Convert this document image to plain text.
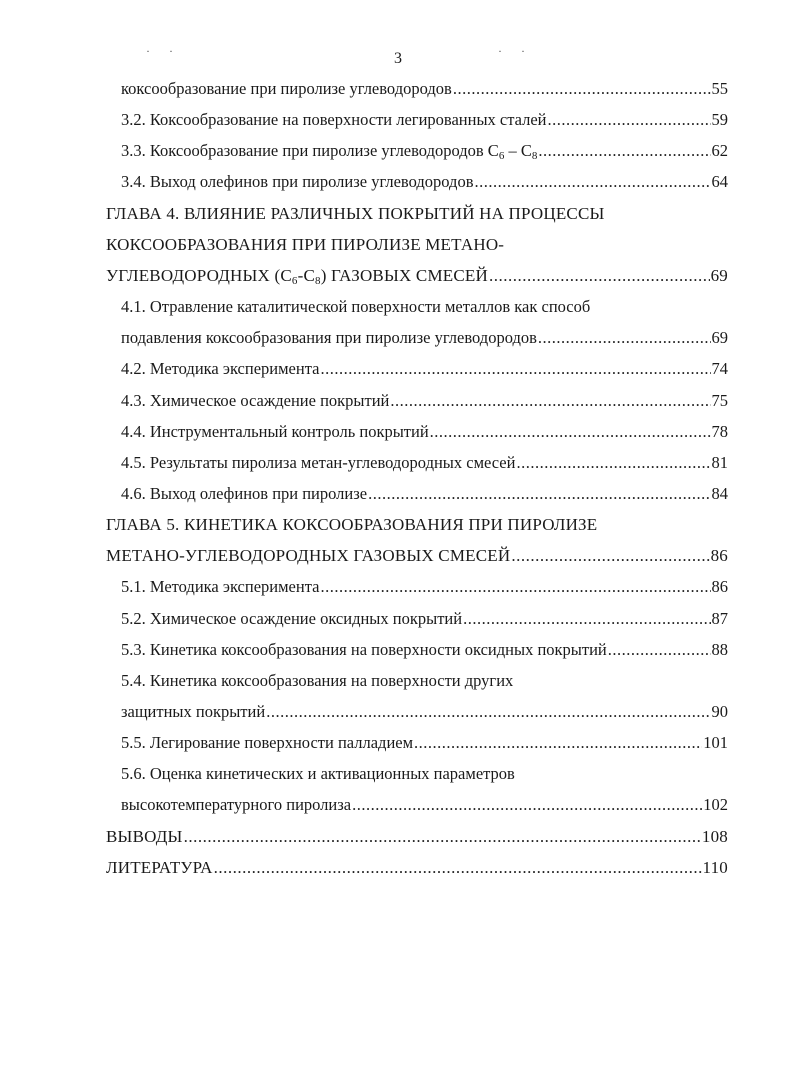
· ·	· ·
3
коксообразование при пиролизе углеводородов .....	55
3.2. Коксообразование на поверхности легированных сталей .....	59
3.3. Коксообразование при пиролизе углеводородов $С_6 - С_8$ .....	62
3.4. Выход олефинов при пиролизе углеводородов .....	64
ГЛАВА 4. ВЛИЯНИЕ РАЗЛИЧНЫХ ПОКРЫТИЙ НА ПРОЦЕССЫ
КОКСООБРАЗОВАНИЯ ПРИ ПИРОЛИЗЕ МЕТАНО-
УГЛЕВОДОРОДНЫХ $(С_6-С_8)$ ГАЗОВЫХ СМЕСЕЙ .....	69
4.1. Отравление каталитической поверхности металлов как способ
подавления коксообразования при пиролизе углеводородов .....	69
4.2. Методика эксперимента .....	74
4.3. Химическое осаждение покрытий .....	75
4.4. Инструментальный контроль покрытий .....	78
4.5. Результаты пиролиза метан-углеводородных смесей .....	81
4.6. Выход олефинов при пиролизе .....	84
ГЛАВА 5. КИНЕТИКА КОКСООБРАЗОВАНИЯ ПРИ ПИРОЛИЗЕ
МЕТАНО-УГЛЕВОДОРОДНЫХ ГАЗОВЫХ СМЕСЕЙ .....	86
5.1. Методика эксперимента .....	86
5.2. Химическое осаждение оксидных покрытий .....	87
5.3. Кинетика коксообразования на поверхности оксидных покрытий .....	88
5.4. Кинетика коксообразования на поверхности других
защитных покрытий .....	90
5.5. Легирование поверхности палладием .....	101
5.6. Оценка кинетических и активационных параметров
высокотемпературного пиролиза .....	102
ВЫВОДЫ .....	108
ЛИТЕРАТУРА .....	110
